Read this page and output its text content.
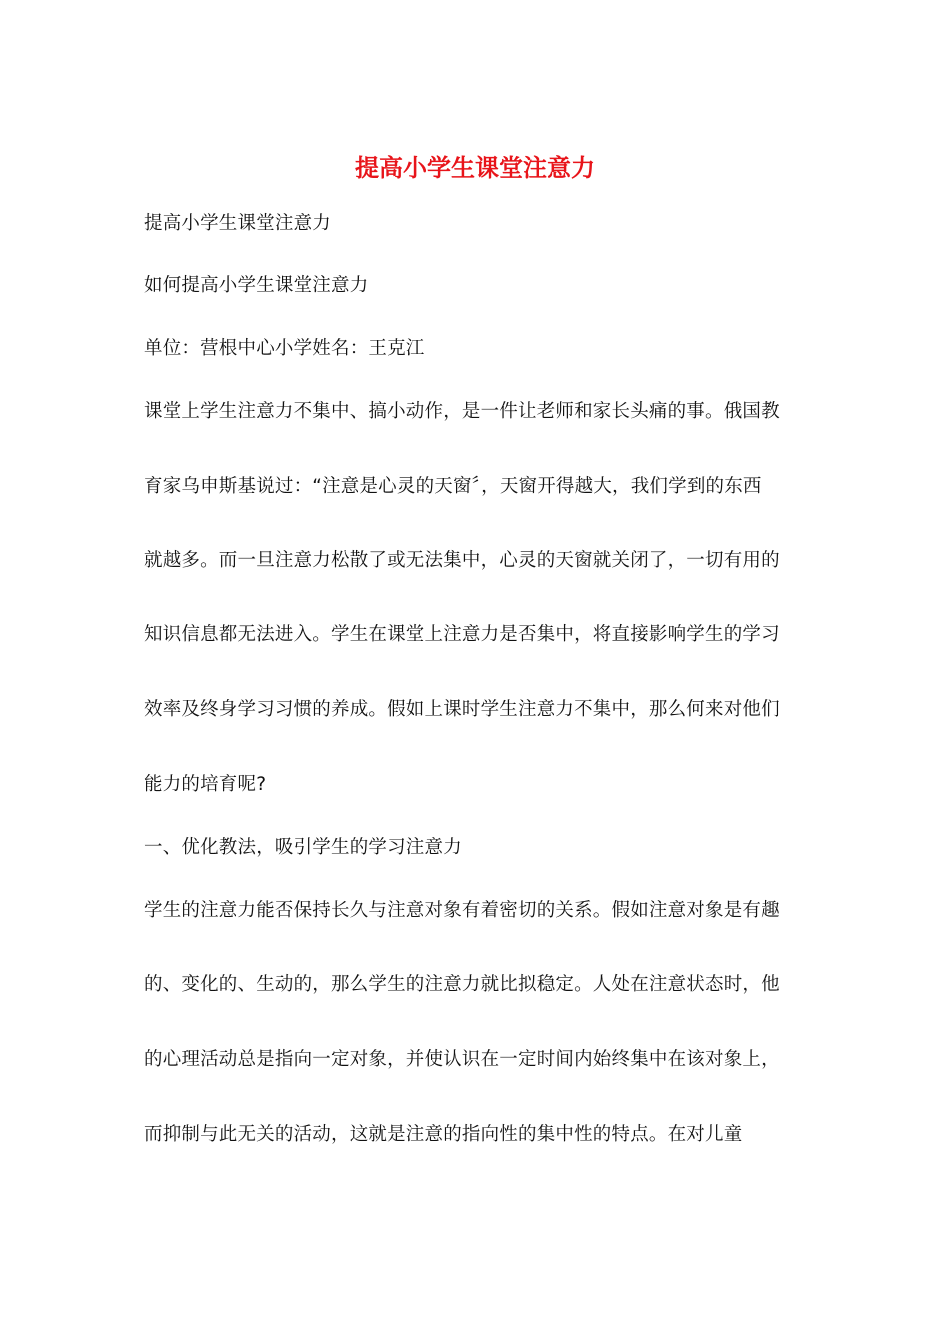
提高小学生课堂注意力
提高小学生课堂注意力
如何提高小学生课堂注意力
单位：营根中心小学姓名：王克江
课堂上学生注意力不集中、搞小动作，是一件让老师和家长头痛的事。俄国教
育家乌申斯基说过：“注意是心灵的天窗〞，天窗开得越大，我们学到的东西
就越多。而一旦注意力松散了或无法集中，心灵的天窗就关闭了，一切有用的
知识信息都无法进入。学生在课堂上注意力是否集中，将直接影响学生的学习
效率及终身学习习惯的养成。假如上课时学生注意力不集中，那么何来对他们
能力的培育呢?
一、优化教法，吸引学生的学习注意力
学生的注意力能否保持长久与注意对象有着密切的关系。假如注意对象是有趣
的、变化的、生动的，那么学生的注意力就比拟稳定。人处在注意状态时，他
的心理活动总是指向一定对象，并使认识在一定时间内始终集中在该对象上，
而抑制与此无关的活动，这就是注意的指向性的集中性的特点。在对儿童
